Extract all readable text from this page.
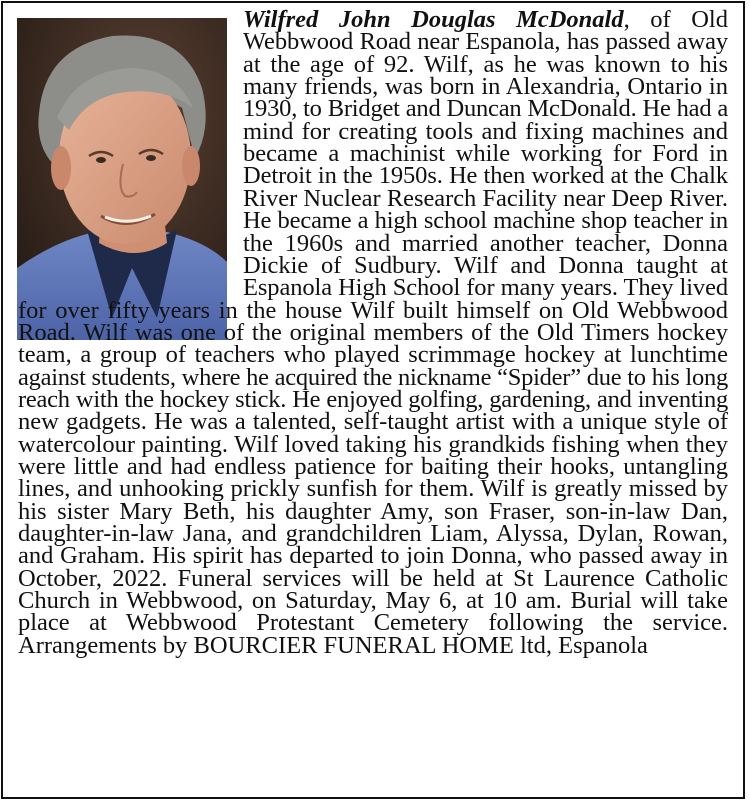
Wilfred John Douglas McDonald, of Old
Webbwood Road near Espanola, has passed away
at the age of 92. Wilf, as he was known to his
many friends, was born in Alexandria, Ontario in
1930, to Bridget and Duncan McDonald. He had a
mind for creating tools and fixing machines and
became a machinist while working for Ford in
Detroit in the 1950s. He then worked at the Chalk
River Nuclear Research Facility near Deep River.
He became a high school machine shop teacher in
the 1960s and married another teacher, Donna
Dickie of Sudbury. Wilf and Donna taught at
Espanola High School for many years. They lived
for over fifty years in the house Wilf built himself on Old Webbwood
Road. Wilf was one of the original members of the Old Timers hockey
team, a group of teachers who played scrimmage hockey at lunchtime
against students, where he acquired the nickname “Spider” due to his long
reach with the hockey stick. He enjoyed golfing, gardening, and inventing
new gadgets. He was a talented, self-taught artist with a unique style of
watercolour painting. Wilf loved taking his grandkids fishing when they
were little and had endless patience for baiting their hooks, untangling
lines, and unhooking prickly sunfish for them. Wilf is greatly missed by
his sister Mary Beth, his daughter Amy, son Fraser, son-in-law Dan,
daughter-in-law Jana, and grandchildren Liam, Alyssa, Dylan, Rowan,
and Graham. His spirit has departed to join Donna, who passed away in
October, 2022. Funeral services will be held at St Laurence Catholic
Church in Webbwood, on Saturday, May 6, at 10 am. Burial will take
place at Webbwood Protestant Cemetery following the service.
Arrangements by BOURCIER FUNERAL HOME ltd, Espanola
